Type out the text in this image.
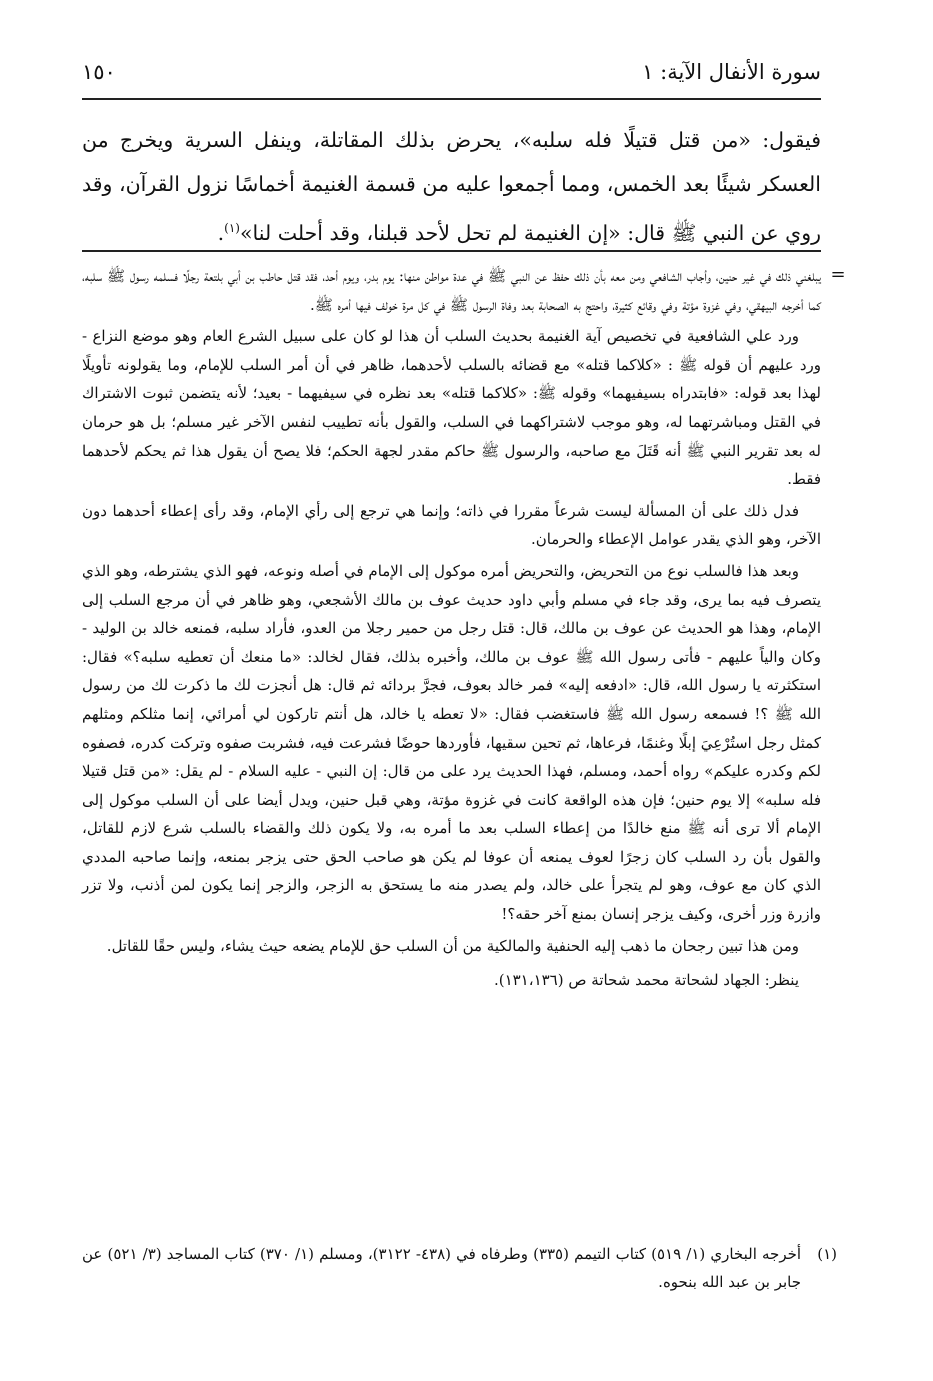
سورة الأنفال الآية: ١
١٥٠

فيقول: «من قتل قتيلًا فله سلبه»، يحرض بذلك المقاتلة، وينفل السرية ويخرج من العسكر شيئًا بعد الخمس، ومما أجمعوا عليه من قسمة الغنيمة أخماسًا نزول القرآن، وقد روي عن النبي ﷺ قال: «إن الغنيمة لم تحل لأحد قبلنا، وقد أحلت لنا»$^{(١)}$.

=

يبلغني ذلك في غير حنين، وأجاب الشافعي ومن معه بأن ذلك حفظ عن النبي ﷺ في عدة مواطن منها: يوم بدر، ويوم أحد، فقد قتل حاطب بن أبي بلتعة رجلًا فسلمه رسول ﷺ سلبه، كما أخرجه البيهقي، وفي غزوة مؤتة وفي وقائع كثيرة، واحتج به الصحابة بعد وفاة الرسول ﷺ في كل مرة خولف فيها أمره ﷺ.

ورد علي الشافعية في تخصيص آية الغنيمة بحديث السلب أن هذا لو كان على سبيل الشرع العام وهو موضع النزاع - ورد عليهم أن قوله ﷺ : «كلاكما قتله» مع قضائه بالسلب لأحدهما، ظاهر في أن أمر السلب للإمام، وما يقولونه تأويلًا لهذا بعد قوله: «فابتدراه بسيفيهما» وقوله ﷺ: «كلاكما قتله» بعد نظره في سيفيهما - بعيد؛ لأنه يتضمن ثبوت الاشتراك في القتل ومباشرتهما له، وهو موجب لاشتراكهما في السلب، والقول بأنه تطييب لنفس الآخر غير مسلم؛ بل هو حرمان له بعد تقرير النبي ﷺ أنه قَتَلَ مع صاحبه، والرسول ﷺ حاكم مقدر لجهة الحكم؛ فلا يصح أن يقول هذا ثم يحكم لأحدهما فقط.

فدل ذلك على أن المسألة ليست شرعاً مقررا في ذاته؛ وإنما هي ترجع إلى رأي الإمام، وقد رأى إعطاء أحدهما دون الآخر، وهو الذي يقدر عوامل الإعطاء والحرمان.

وبعد هذا فالسلب نوع من التحريض، والتحريض أمره موكول إلى الإمام في أصله ونوعه، فهو الذي يشترطه، وهو الذي يتصرف فيه بما يرى، وقد جاء في مسلم وأبي داود حديث عوف بن مالك الأشجعي، وهو ظاهر في أن مرجع السلب إلى الإمام، وهذا هو الحديث عن عوف بن مالك، قال: قتل رجل من حمير رجلا من العدو، فأراد سلبه، فمنعه خالد بن الوليد - وكان والياً عليهم - فأتى رسول الله ﷺ عوف بن مالك، وأخبره بذلك، فقال لخالد: «ما منعك أن تعطيه سلبه؟» فقال: استكثرته يا رسول الله، قال: «ادفعه إليه» فمر خالد بعوف، فجرَّ بردائه ثم قال: هل أنجزت لك ما ذكرت لك من رسول الله ﷺ ؟! فسمعه رسول الله ﷺ فاستغضب فقال: «لا تعطه يا خالد، هل أنتم تاركون لي أمرائي، إنما مثلكم ومثلهم كمثل رجل استُرْعِيَ إبلًا وغنمًا، فرعاها، ثم تحين سقيها، فأوردها حوضًا فشرعت فيه، فشربت صفوه وتركت كدره، فصفوه لكم وكدره عليكم» رواه أحمد، ومسلم، فهذا الحديث يرد على من قال: إن النبي - عليه السلام - لم يقل: «من قتل قتيلا فله سلبه» إلا يوم حنين؛ فإن هذه الواقعة كانت في غزوة مؤتة، وهي قبل حنين، ويدل أيضا على أن السلب موكول إلى الإمام ألا ترى أنه ﷺ منع خالدًا من إعطاء السلب بعد ما أمره به، ولا يكون ذلك والقضاء بالسلب شرع لازم للقاتل، والقول بأن رد السلب كان زجرًا لعوف يمنعه أن عوفا لم يكن هو صاحب الحق حتى يزجر بمنعه، وإنما صاحبه المددي الذي كان مع عوف، وهو لم يتجرأ على خالد، ولم يصدر منه ما يستحق به الزجر، والزجر إنما يكون لمن أذنب، ولا تزر وازرة وزر أخرى، وكيف يزجر إنسان بمنع آخر حقه؟!

ومن هذا تبين رجحان ما ذهب إليه الحنفية والمالكية من أن السلب حق للإمام يضعه حيث يشاء، وليس حقًا للقاتل.

ينظر: الجهاد لشحاتة محمد شحاتة ص (١٣١،١٣٦).

(١)
أخرجه البخاري (١/ ٥١٩) كتاب التيمم (٣٣٥) وطرفاه في (٤٣٨- ٣١٢٢)، ومسلم (١/ ٣٧٠) كتاب المساجد (٣/ ٥٢١) عن جابر بن عبد الله بنحوه.
